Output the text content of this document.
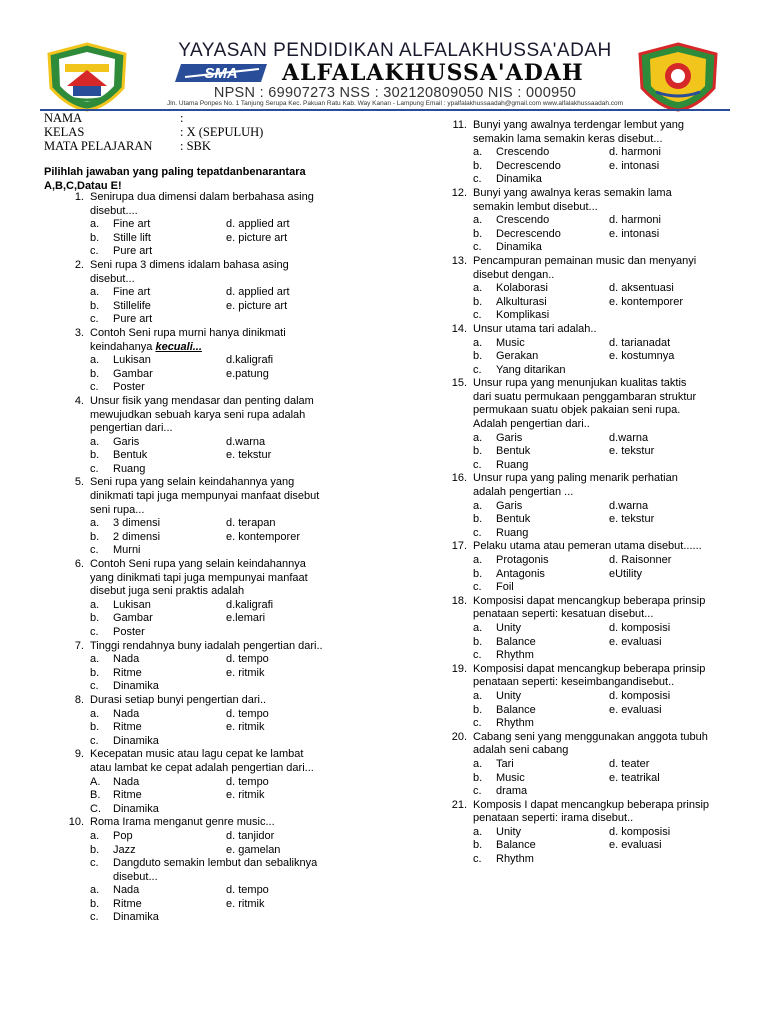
YAYASAN PENDIDIKAN ALFALAKHUSSA'ADAH
SMA ALFALAKHUSSA'ADAH
NPSN : 69907273 NSS : 302120809050 NIS : 000950
Jln. Utama Ponpes No. 1 Tanjung Serupa Kec. Pakuan Ratu Kab. Way Kanan - Lampung Email : ypalfalakhussaadah@gmail.com www.alfalakhussaadah.com
NAMA	:
KELAS	: X (SEPULUH)
MATA PELAJARAN : SBK
Pilihlah jawaban yang paling tepatdanbenarantara A,B,C,Datau E!
1. Senirupa dua dimensi dalam berbahasa asing
disebut....
a. Fine art	d. applied art
b. Stille lift	e. picture art
c. Pure art
2. Seni rupa 3 dimens idalam bahasa asing
disebut...
a. Fine art	d. applied art
b. Stillelife	e. picture art
c. Pure art
3. Contoh Seni rupa murni hanya dinikmati
keindahanya kecuali...
a. Lukisan	d.kaligrafi
b. Gambar	e.patung
c. Poster
4. Unsur fisik yang mendasar dan penting dalam
mewujudkan sebuah karya seni rupa adalah
pengertian dari...
a. Garis	d.warna
b. Bentuk	e. tekstur
c. Ruang
5. Seni rupa yang selain keindahannya yang
dinikmati tapi juga mempunyai manfaat disebut
seni rupa...
a. 3 dimensi	d. terapan
b. 2 dimensi	e. kontemporer
c. Murni
6. Contoh Seni rupa yang selain keindahannya
yang dinikmati tapi juga mempunyai manfaat
disebut juga seni praktis adalah
a. Lukisan	d.kaligrafi
b. Gambar	e.lemari
c. Poster
7. Tinggi rendahnya buny iadalah pengertian dari..
a. Nada	d. tempo
b. Ritme	e. ritmik
c. Dinamika
8. Durasi setiap bunyi pengertian dari..
a. Nada	d. tempo
b. Ritme	e. ritmik
c. Dinamika
9. Kecepatan music atau lagu cepat ke lambat
atau lambat ke cepat adalah pengertian dari...
A. Nada	d. tempo
B. Ritme	e. ritmik
C. Dinamika
10. Roma Irama menganut genre music...
a. Pop	d. tanjidor
b. Jazz	e. gamelan
c. Dangduto semakin lembut dan sebaliknya
disebut...
a. Nada	d. tempo
b. Ritme	e. ritmik
c. Dinamika
11. Bunyi yang awalnya terdengar lembut yang
semakin lama semakin keras disebut...
a. Crescendo	d. harmoni
b. Decrescendo	e. intonasi
c. Dinamika
12. Bunyi yang awalnya keras semakin lama
semakin lembut disebut...
a. Crescendo	d. harmoni
b. Decrescendo	e. intonasi
c. Dinamika
13. Pencampuran pemainan music dan menyanyi
disebut dengan..
a. Kolaborasi	d. aksentuasi
b. Alkulturasi	e. kontemporer
c. Komplikasi
14. Unsur utama tari adalah..
a. Music	d. tarianadat
b. Gerakan	e. kostumnya
c. Yang ditarikan
15. Unsur rupa yang menunjukan kualitas taktis
dari suatu permukaan penggambaran struktur
permukaan suatu objek pakaian seni rupa.
Adalah pengertian dari..
a. Garis	d.warna
b. Bentuk	e. tekstur
c. Ruang
16. Unsur rupa yang paling menarik perhatian
adalah pengertian ...
a. Garis	d.warna
b. Bentuk	e. tekstur
c. Ruang
17. Pelaku utama atau pemeran utama disebut......
a. Protagonis	d. Raisonner
b. Antagonis	eUtility
c. Foil
18. Komposisi dapat mencangkup beberapa prinsip
penataan seperti: kesatuan disebut...
a. Unity	d. komposisi
b. Balance	e. evaluasi
c. Rhythm
19. Komposisi dapat mencangkup beberapa prinsip
penataan seperti: keseimbangandisebut..
a. Unity	d. komposisi
b. Balance	e. evaluasi
c. Rhythm
20. Cabang seni yang menggunakan anggota tubuh
adalah seni cabang
a. Tari	d. teater
b. Music	e. teatrikal
c. drama
21. Komposis I dapat mencangkup beberapa prinsip
penataan seperti: irama disebut..
a. Unity	d. komposisi
b. Balance	e. evaluasi
c. Rhythm
